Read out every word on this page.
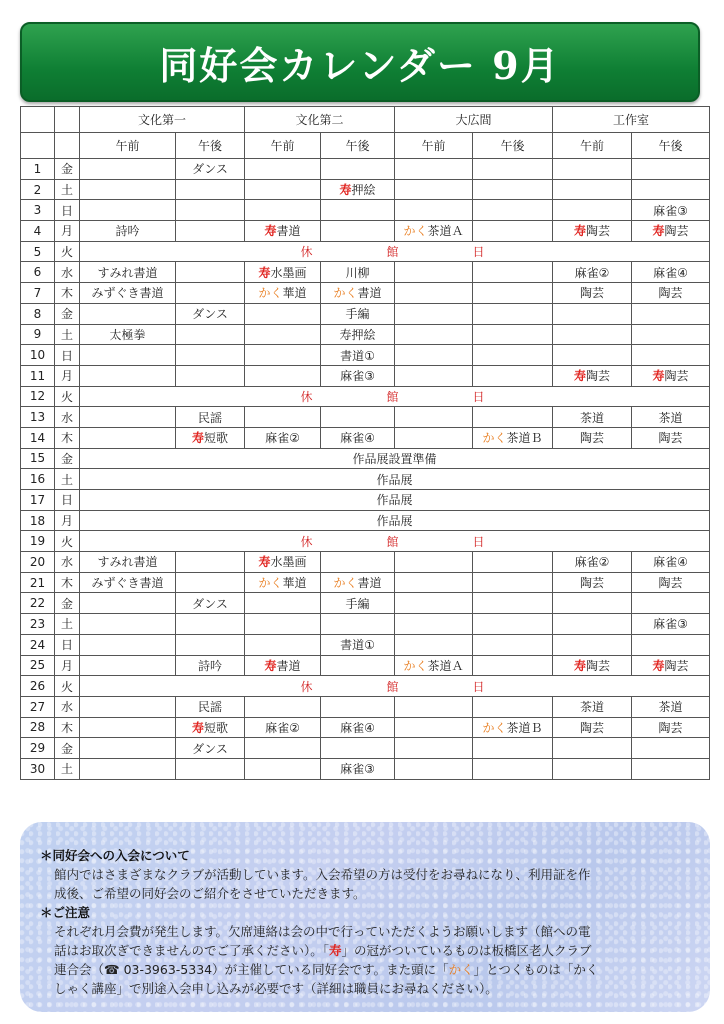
同好会カレンダー 9月
		文化第一		文化第二		大広間		工作室	
		午前	午後	午前	午後	午前	午後	午前	午後
1	金		ダンス						
2	土				寿押絵				
3	日								麻雀③
4	月	詩吟		寿書道		かく茶道Ａ		寿陶芸	寿陶芸
5	火	休 館 日							
6	水	すみれ書道		寿水墨画	川柳			麻雀②	麻雀④
7	木	みずぐき書道		かく華道	かく書道			陶芸	陶芸
8	金		ダンス		手編				
9	土	太極拳			寿押絵				
10	日				書道①				
11	月				麻雀③			寿陶芸	寿陶芸
12	火	休 館 日							
13	水		民謡					茶道	茶道
14	木		寿短歌	麻雀②	麻雀④		かく茶道Ｂ	陶芸	陶芸
15	金	作品展設置準備							
16	土	作品展							
17	日	作品展							
18	月	作品展							
19	火	休 館 日							
20	水	すみれ書道		寿水墨画				麻雀②	麻雀④
21	木	みずぐき書道		かく華道	かく書道			陶芸	陶芸
22	金		ダンス		手編				
23	土								麻雀③
24	日				書道①				
25	月		詩吟	寿書道		かく茶道Ａ		寿陶芸	寿陶芸
26	火	休 館 日							
27	水		民謡					茶道	茶道
28	木		寿短歌	麻雀②	麻雀④		かく茶道Ｂ	陶芸	陶芸
29	金		ダンス						
30	土				麻雀③				
＊同好会への入会について
館内ではさまざまなクラブが活動しています。入会希望の方は受付をお尋ねになり、利用証を作
成後、ご希望の同好会のご紹介をさせていただきます。
＊ご注意
それぞれ月会費が発生します。欠席連絡は会の中で行っていただくようお願いします（館への電
話はお取次ぎできませんのでご了承ください）。「寿」の冠がついているものは板橋区老人クラブ
連合会（☎ 03-3963-5334）が主催している同好会です。また頭に「かく」とつくものは「かく
しゃく講座」で別途入会申し込みが必要です（詳細は職員にお尋ねください）。
